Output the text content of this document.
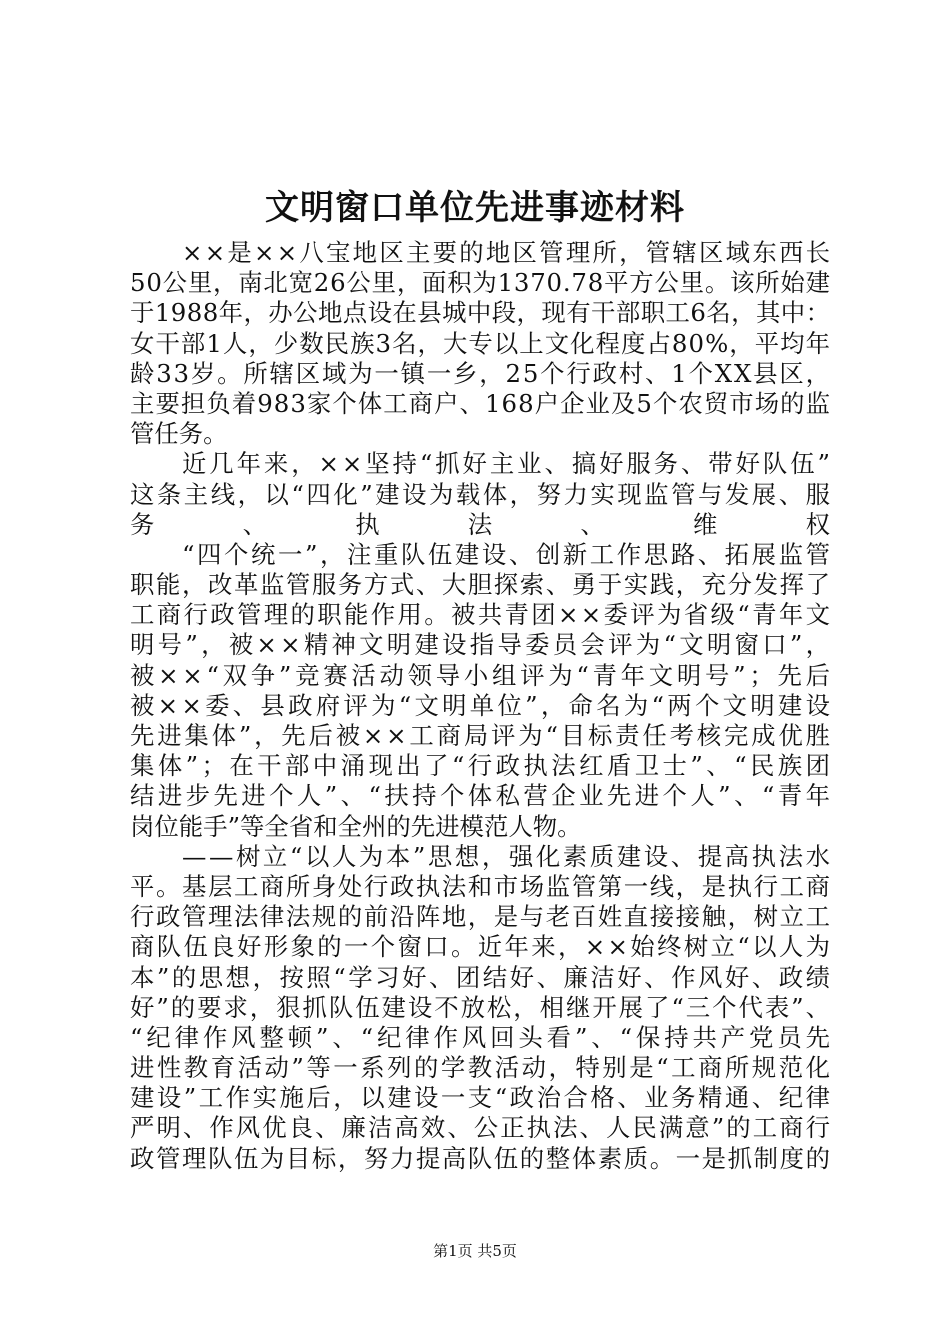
文明窗口单位先进事迹材料
××是××八宝地区主要的地区管理所，管辖区域东西长
50公里，南北宽26公里，面积为1370.78平方公里。该所始建
于1988年，办公地点设在县城中段，现有干部职工6名，其中：
女干部1人，少数民族3名，大专以上文化程度占80%，平均年
龄33岁。所辖区域为一镇一乡，25个行政村、1个XX县区，
主要担负着983家个体工商户、168户企业及5个农贸市场的监
管任务。
近几年来，××坚持“抓好主业、搞好服务、带好队伍”
这条主线，以“四化”建设为载体，努力实现监管与发展、服
务、执法、维权
“四个统一”，注重队伍建设、创新工作思路、拓展监管
职能，改革监管服务方式、大胆探索、勇于实践，充分发挥了
工商行政管理的职能作用。被共青团××委评为省级“青年文
明号”，被××精神文明建设指导委员会评为“文明窗口”，
被××“双争”竞赛活动领导小组评为“青年文明号”；先后
被××委、县政府评为“文明单位”，命名为“两个文明建设
先进集体”，先后被××工商局评为“目标责任考核完成优胜
集体”；在干部中涌现出了“行政执法红盾卫士”、“民族团
结进步先进个人”、“扶持个体私营企业先进个人”、“青年
岗位能手”等全省和全州的先进模范人物。
——树立“以人为本”思想，强化素质建设、提高执法水
平。基层工商所身处行政执法和市场监管第一线，是执行工商
行政管理法律法规的前沿阵地，是与老百姓直接接触，树立工
商队伍良好形象的一个窗口。近年来，××始终树立“以人为
本”的思想，按照“学习好、团结好、廉洁好、作风好、政绩
好”的要求，狠抓队伍建设不放松，相继开展了“三个代表”、
“纪律作风整顿”、“纪律作风回头看”、“保持共产党员先
进性教育活动”等一系列的学教活动，特别是“工商所规范化
建设”工作实施后，以建设一支“政治合格、业务精通、纪律
严明、作风优良、廉洁高效、公正执法、人民满意”的工商行
政管理队伍为目标，努力提高队伍的整体素质。一是抓制度的
第1页 共5页
